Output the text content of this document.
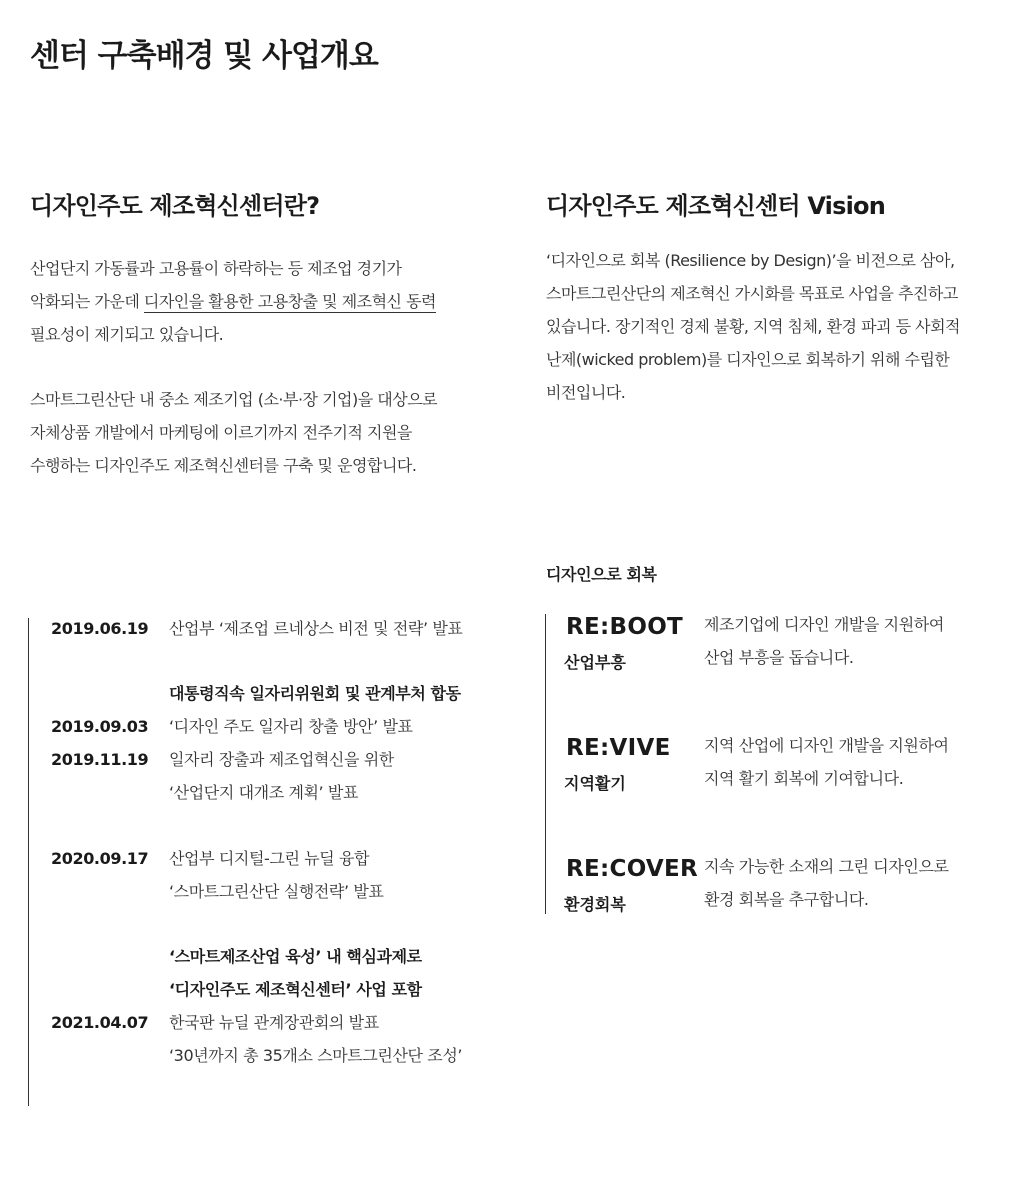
센터 구축배경 및 사업개요
디자인주도 제조혁신센터란?

산업단지 가동률과 고용률이 하락하는 등 제조업 경기가
악화되는 가운데 디자인을 활용한 고용창출 및 제조혁신 동력
필요성이 제기되고 있습니다.

스마트그린산단 내 중소 제조기업 (소·부·장 기업)을 대상으로
자체상품 개발에서 마케팅에 이르기까지 전주기적 지원을
수행하는 디자인주도 제조혁신센터를 구축 및 운영합니다.

디자인주도 제조혁신센터 Vision

‘디자인으로 회복 (Resilience by Design)’을 비전으로 삼아,
스마트그린산단의 제조혁신 가시화를 목표로 사업을 추진하고
있습니다. 장기적인 경제 불황, 지역 침체, 환경 파괴 등 사회적
난제(wicked problem)를 디자인으로 회복하기 위해 수립한
비전입니다.

2019.06.19 산업부 ‘제조업 르네상스 비전 및 전략’ 발표
대통령직속 일자리위원회 및 관계부처 합동
2019.09.03 ‘디자인 주도 일자리 창출 방안’ 발표
2019.11.19 일자리 장출과 제조업혁신을 위한
‘산업단지 대개조 계획’ 발표
2020.09.17 산업부 디지털-그린 뉴딜 융합
‘스마트그린산단 실행전략’ 발표
‘스마트제조산업 육성’ 내 핵심과제로
‘디자인주도 제조혁신센터’ 사업 포함
2021.04.07 한국판 뉴딜 관계장관회의 발표
‘30년까지 총 35개소 스마트그린산단 조성’
디자인으로 회복
RE:BOOT
산업부흥
제조기업에 디자인 개발을 지원하여
산업 부흥을 돕습니다.
RE:VIVE
지역활기
지역 산업에 디자인 개발을 지원하여
지역 활기 회복에 기여합니다.
RE:COVER
환경회복
지속 가능한 소재의 그린 디자인으로
환경 회복을 추구합니다.
